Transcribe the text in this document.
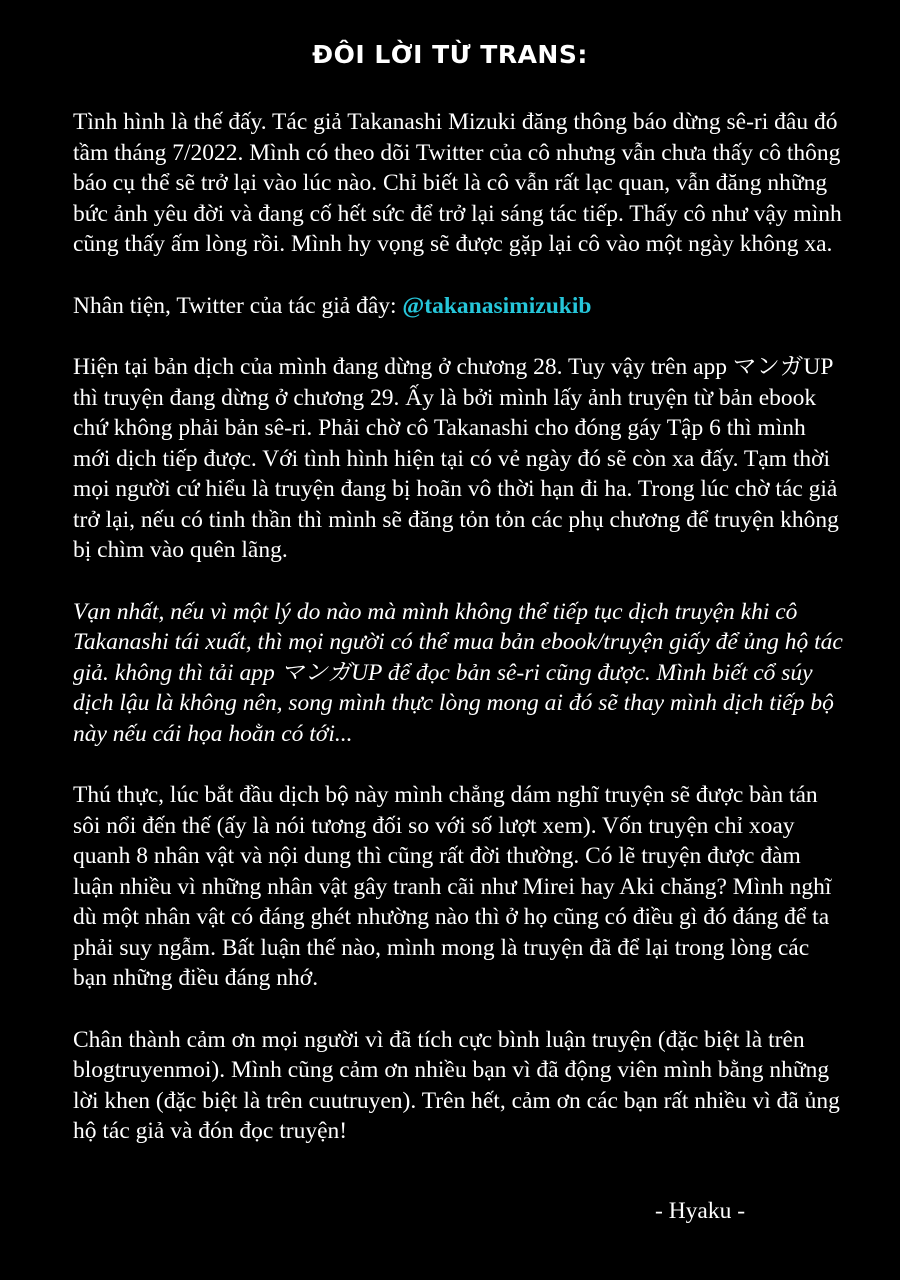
ĐÔI LỜI TỪ TRANS:

Tình hình là thế đấy. Tác giả Takanashi Mizuki đăng thông báo dừng sê-ri đâu đó tầm tháng 7/2022. Mình có theo dõi Twitter của cô nhưng vẫn chưa thấy cô thông báo cụ thể sẽ trở lại vào lúc nào. Chỉ biết là cô vẫn rất lạc quan, vẫn đăng những bức ảnh yêu đời và đang cố hết sức để trở lại sáng tác tiếp. Thấy cô như vậy mình cũng thấy ấm lòng rồi. Mình hy vọng sẽ được gặp lại cô vào một ngày không xa.

Nhân tiện, Twitter của tác giả đây: @takanasimizukib

Hiện tại bản dịch của mình đang dừng ở chương 28. Tuy vậy trên app マンガUP thì truyện đang dừng ở chương 29. Ấy là bởi mình lấy ảnh truyện từ bản ebook chứ không phải bản sê-ri. Phải chờ cô Takanashi cho đóng gáy Tập 6 thì mình mới dịch tiếp được. Với tình hình hiện tại có vẻ ngày đó sẽ còn xa đấy. Tạm thời mọi người cứ hiểu là truyện đang bị hoãn vô thời hạn đi ha. Trong lúc chờ tác giả trở lại, nếu có tinh thần thì mình sẽ đăng tỏn tỏn các phụ chương để truyện không bị chìm vào quên lãng.

Vạn nhất, nếu vì một lý do nào mà mình không thể tiếp tục dịch truyện khi cô Takanashi tái xuất, thì mọi người có thể mua bản ebook/truyện giấy để ủng hộ tác giả. không thì tải app マンガUP để đọc bản sê-ri cũng được. Mình biết cổ súy dịch lậu là không nên, song mình thực lòng mong ai đó sẽ thay mình dịch tiếp bộ này nếu cái họa hoằn có tới...

Thú thực, lúc bắt đầu dịch bộ này mình chẳng dám nghĩ truyện sẽ được bàn tán sôi nổi đến thế (ấy là nói tương đối so với số lượt xem). Vốn truyện chỉ xoay quanh 8 nhân vật và nội dung thì cũng rất đời thường. Có lẽ truyện được đàm luận nhiều vì những nhân vật gây tranh cãi như Mirei hay Aki chăng? Mình nghĩ dù một nhân vật có đáng ghét nhường nào thì ở họ cũng có điều gì đó đáng để ta phải suy ngẫm. Bất luận thế nào, mình mong là truyện đã để lại trong lòng các bạn những điều đáng nhớ.

Chân thành cảm ơn mọi người vì đã tích cực bình luận truyện (đặc biệt là trên blogtruyenmoi). Mình cũng cảm ơn nhiều bạn vì đã động viên mình bằng những lời khen (đặc biệt là trên cuutruyen). Trên hết, cảm ơn các bạn rất nhiều vì đã ủng hộ tác giả và đón đọc truyện!

- Hyaku -
